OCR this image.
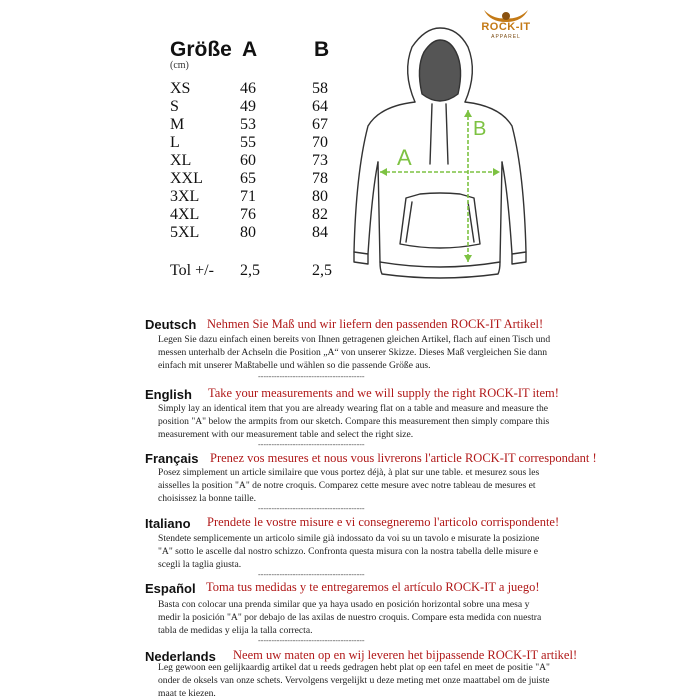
ROCK-IT
APPAREL
Größe A	B
(cm)
XS	46	58
S	49	64
M	53	67
L	55	70
XL	60	73
XXL 65	78
3XL	71	80
4XL	76	82
5XL	80	84
Tol +/- 2,5	2,5
A
B
Deutsch Nehmen Sie Maß und wir liefern den passenden ROCK-IT Artikel!
Legen Sie dazu einfach einen bereits von Ihnen getragenen gleichen Artikel, flach auf einen Tisch und messen unterhalb der Achseln die Position „A“ von unserer Skizze. Dieses Maß vergleichen Sie dann einfach mit unserer Maßtabelle und wählen so die passende Größe aus.
----------------------------------------
English Take your measurements and we will supply the right ROCK-IT item!
Simply lay an identical item that you are already wearing flat on a table and measure and measure the position "A" below the armpits from our sketch. Compare this measurement then simply compare this measurement with our measurement table and select the right size.
----------------------------------------
Français Prenez vos mesures et nous vous livrerons l'article ROCK-IT correspondant !
Posez simplement un article similaire que vous portez déjà, à plat sur une table. et mesurez sous les aisselles la position "A" de notre croquis. Comparez cette mesure avec notre tableau de mesures et choisissez la bonne taille.
----------------------------------------
Italiano Prendete le vostre misure e vi consegneremo l'articolo corrispondente!
Stendete semplicemente un articolo simile già indossato da voi su un tavolo e misurate la posizione "A" sotto le ascelle dal nostro schizzo. Confronta questa misura con la nostra tabella delle misure e scegli la taglia giusta.
----------------------------------------
Español Toma tus medidas y te entregaremos el artículo ROCK-IT a juego!
Basta con colocar una prenda similar que ya haya usado en posición horizontal sobre una mesa y medir la posición "A" por debajo de las axilas de nuestro croquis. Compare esta medida con nuestra tabla de medidas y elija la talla correcta.
----------------------------------------
Nederlands Neem uw maten op en wij leveren het bijpassende ROCK-IT artikel!
Leg gewoon een gelijkaardig artikel dat u reeds gedragen hebt plat op een tafel en meet de positie "A" onder de oksels van onze schets. Vervolgens vergelijkt u deze meting met onze maattabel om de juiste maat te kiezen.
